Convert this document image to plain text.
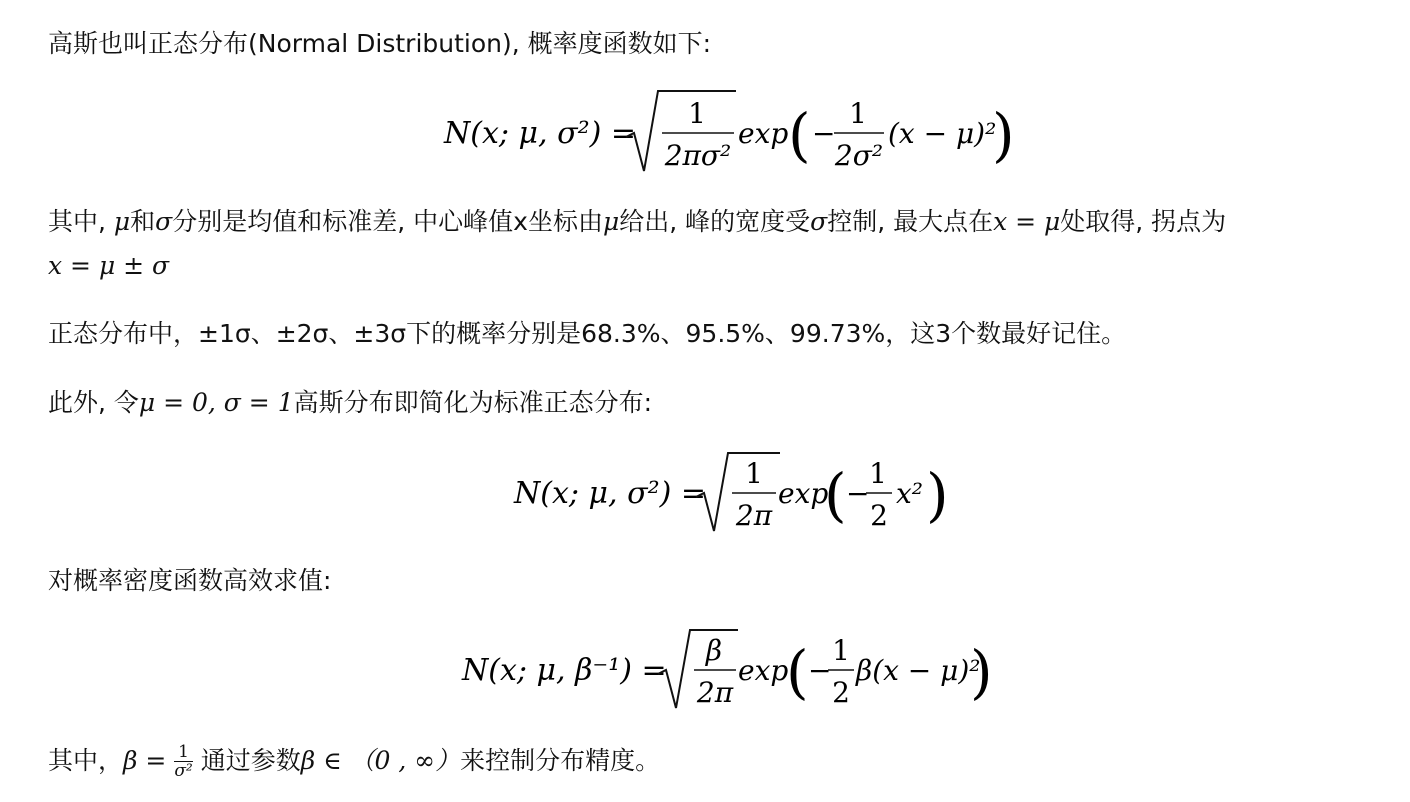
高斯也叫正态分布(Normal Distribution), 概率度函数如下:
N(x; μ, σ²) =
1
2πσ²
exp ( −
1
2σ²
(x − μ)²
)
其中, μ和σ分别是均值和标准差, 中心峰值x坐标由μ给出, 峰的宽度受σ控制, 最大点在x = μ处取得, 拐点为
x = μ ± σ
正态分布中，±1σ、±2σ、±3σ下的概率分别是68.3%、95.5%、99.73%，这3个数最好记住。
此外, 令μ = 0, σ = 1高斯分布即简化为标准正态分布:
N(x; μ, σ²) =
1
2π
exp
( −
1
2
x² )
对概率密度函数高效求值:
N(x; μ, β⁻¹) =
β
2π
exp
( −
1
2
β(x − μ)²
)
其中，$\beta = \frac{1}{\text{σ²}}$ 通过参数β ∈ （0 , ∞）来控制分布精度。
